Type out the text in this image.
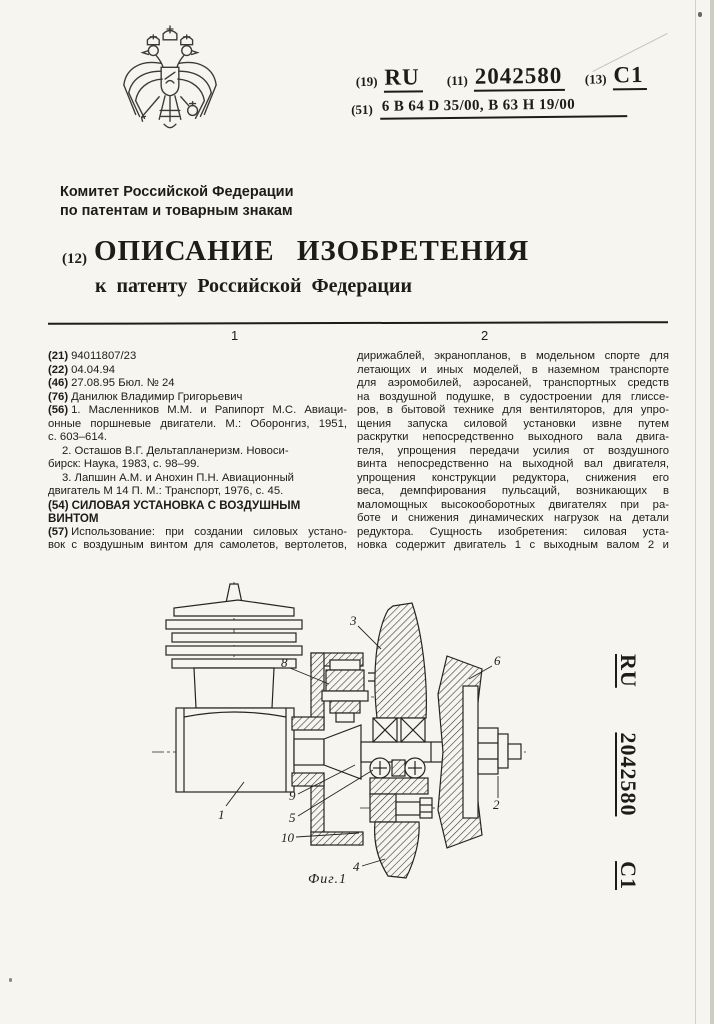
(19) RU (11) 2042580 (13) C1
(51) 6 B 64 D 35/00, B 63 H 19/00
Комитет Российской Федерации
по патентам и товарным знакам
(12) ОПИСАНИЕ ИЗОБРЕТЕНИЯ
к патенту Российской Федерации
1	2
(21) 94011807/23
(22) 04.04.94
(46) 27.08.95 Бюл. № 24
(76) Данилюк Владимир Григорьевич
(56) 1. Масленников М.М. и Рапипорт М.С. Авиаци-
онные поршневые двигатели. М.: Оборонгиз, 1951,
с. 603–614.
2. Осташов В.Г. Дельтапланеризм. Новоси-
бирск: Наука, 1983, с. 98–99.
3. Лапшин А.М. и Анохин П.Н. Авиационный
двигатель М 14 П. М.: Транспорт, 1976, с. 45.
(54) СИЛОВАЯ УСТАНОВКА С ВОЗДУШНЫМ
ВИНТОМ
(57) Использование: при создании силовых устано-
вок с воздушным винтом для самолетов, вертолетов,
дирижаблей, экранопланов, в модельном спорте для
летающих и иных моделей, в наземном транспорте
для аэромобилей, аэросаней, транспортных средств
на воздушной подушке, в судостроении для глиссе-
ров, в бытовой технике для вентиляторов, для упро-
щения запуска силовой установки извне путем
раскрутки непосредственно выходного вала двига-
теля, упрощения передачи усилия от воздушного
винта непосредственно на выходной вал двигателя,
упрощения конструкции редуктора, снижения его
веса, демпфирования пульсаций, возникающих в
маломощных высокооборотных двигателях при ра-
боте и снижения динамических нагрузок на детали
редуктора. Сущность изобретения: силовая уста-
новка содержит двигатель 1 с выходным валом 2 и
RU
2042580
C1
1
2
3
4
5
6
8
9
10
Фиг.1
